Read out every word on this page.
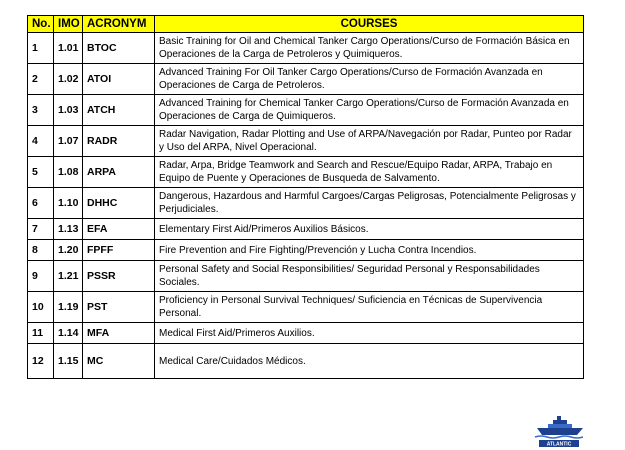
No.	IMO	ACRONYM	COURSES
1	1.01	BTOC	Basic Training for Oil and Chemical Tanker Cargo Operations/Curso de Formación Básica en Operaciones de la Carga de Petroleros y Quimiqueros.
2	1.02	ATOI	Advanced Training For Oil Tanker Cargo Operations/Curso de Formación Avanzada en Operaciones de Carga de Petroleros.
3	1.03	ATCH	Advanced Training for Chemical Tanker Cargo Operations/Curso de Formación Avanzada en Operaciones de Carga de Quimiqueros.
4	1.07	RADR	Radar Navigation, Radar Plotting and Use of ARPA/Navegación por Radar, Punteo por Radar y Uso del ARPA, Nivel Operacional.
5	1.08	ARPA	Radar, Arpa, Bridge Teamwork and Search and Rescue/Equipo Radar, ARPA, Trabajo en Equipo de Puente y Operaciones de Busqueda de Salvamento.
6	1.10	DHHC	Dangerous, Hazardous and Harmful Cargoes/Cargas Peligrosas, Potencialmente Peligrosas y Perjudiciales.
7	1.13	EFA	Elementary First Aid/Primeros Auxilios Básicos.
8	1.20	FPFF	Fire Prevention and Fire Fighting/Prevención y Lucha Contra Incendios.
9	1.21	PSSR	Personal Safety and Social Responsibilities/ Seguridad Personal y Responsabilidades Sociales.
10	1.19	PST	Proficiency in Personal Survival Techniques/ Suficiencia en Técnicas de Supervivencia Personal.
11	1.14	MFA	Medical First Aid/Primeros Auxilios.
12	1.15	MC	Medical Care/Cuidados Médicos.
ATLANTIC
